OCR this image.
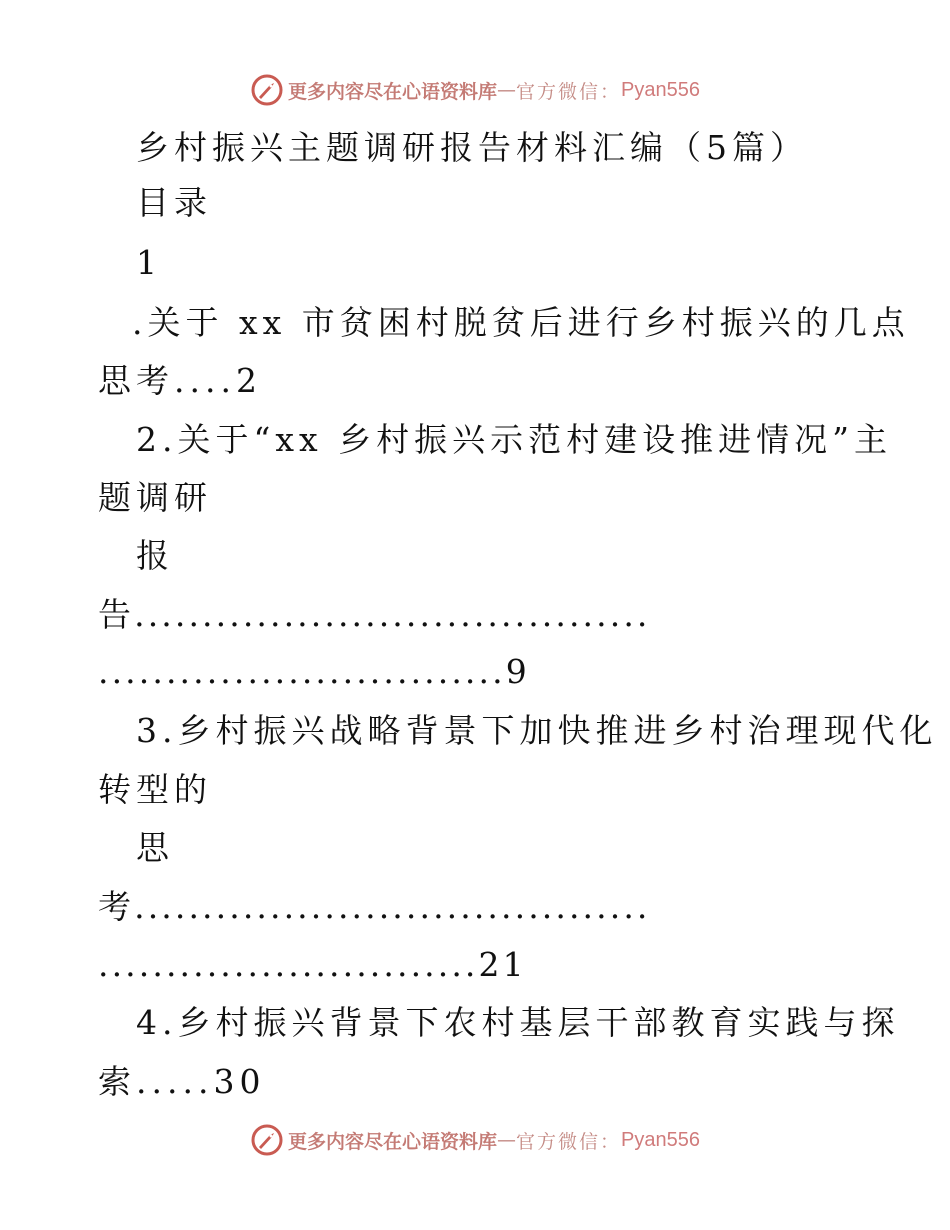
更多内容尽在心语资料库 — 官方微信： Pyan556
乡村振兴主题调研报告材料汇编（5篇）
目录
1
.关于 xx 市贫困村脱贫后进行乡村振兴的几点
思考....2
2.关于“xx 乡村振兴示范村建设推进情况”主
题调研
报
告......................................
..............................9
3.乡村振兴战略背景下加快推进乡村治理现代化
转型的
思
考......................................
............................21
4.乡村振兴背景下农村基层干部教育实践与探
索.....30
更多内容尽在心语资料库 — 官方微信： Pyan556
